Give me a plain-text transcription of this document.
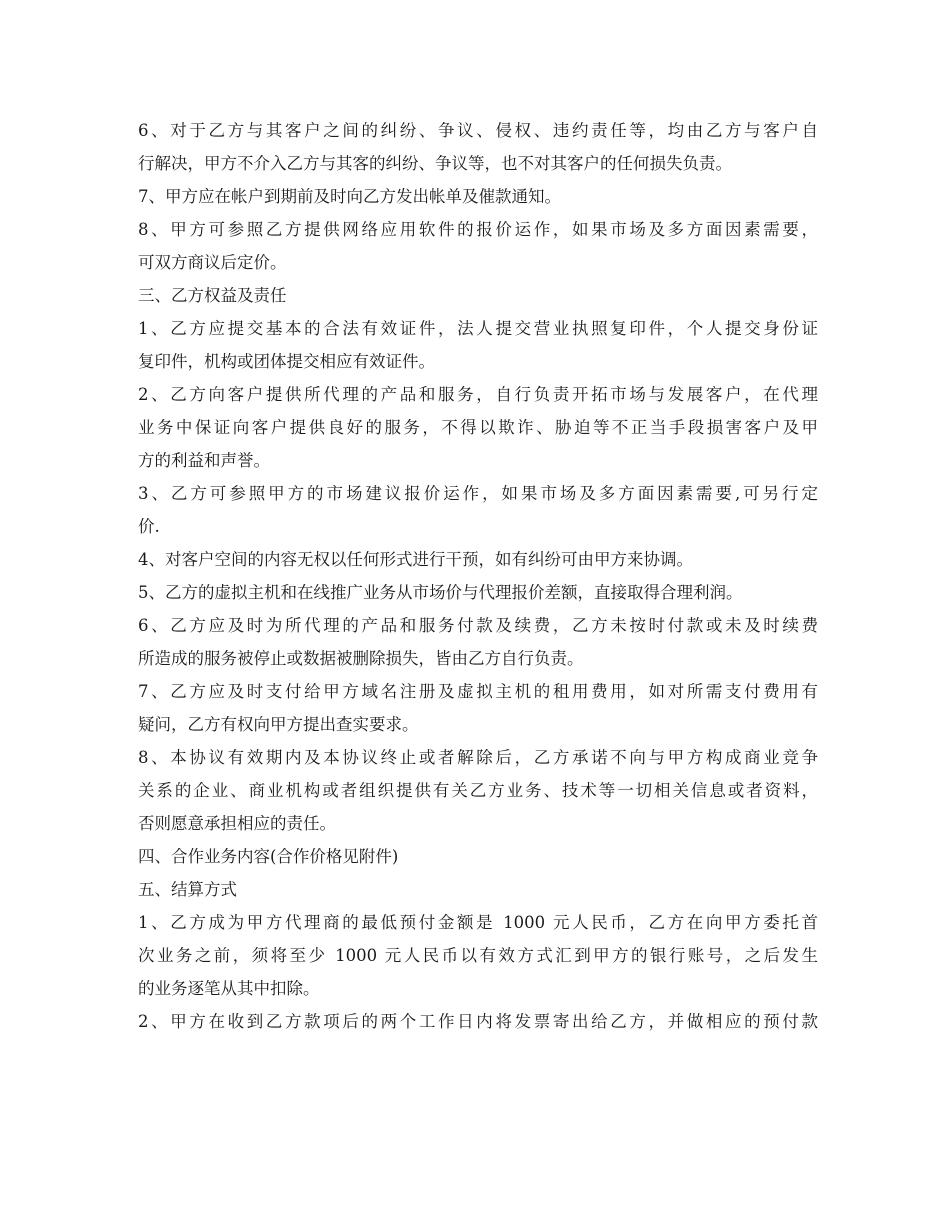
6、对于乙方与其客户之间的纠纷、争议、侵权、违约责任等，均由乙方与客户自
行解决，甲方不介入乙方与其客的纠纷、争议等，也不对其客户的任何损失负责。
7、甲方应在帐户到期前及时向乙方发出帐单及催款通知。
8、甲方可参照乙方提供网络应用软件的报价运作，如果市场及多方面因素需要，
可双方商议后定价。
三、乙方权益及责任
1、乙方应提交基本的合法有效证件，法人提交营业执照复印件，个人提交身份证
复印件，机构或团体提交相应有效证件。
2、乙方向客户提供所代理的产品和服务，自行负责开拓市场与发展客户，在代理
业务中保证向客户提供良好的服务，不得以欺诈、胁迫等不正当手段损害客户及甲
方的利益和声誉。
3、乙方可参照甲方的市场建议报价运作，如果市场及多方面因素需要,可另行定
价.
4、对客户空间的内容无权以任何形式进行干预，如有纠纷可由甲方来协调。
5、乙方的虚拟主机和在线推广业务从市场价与代理报价差额，直接取得合理利润。
6、乙方应及时为所代理的产品和服务付款及续费，乙方未按时付款或未及时续费
所造成的服务被停止或数据被删除损失，皆由乙方自行负责。
7、乙方应及时支付给甲方域名注册及虚拟主机的租用费用，如对所需支付费用有
疑问，乙方有权向甲方提出查实要求。
8、本协议有效期内及本协议终止或者解除后，乙方承诺不向与甲方构成商业竞争
关系的企业、商业机构或者组织提供有关乙方业务、技术等一切相关信息或者资料，
否则愿意承担相应的责任。
四、合作业务内容(合作价格见附件)
五、结算方式
1、乙方成为甲方代理商的最低预付金额是 1000 元人民币，乙方在向甲方委托首
次业务之前，须将至少 1000 元人民币以有效方式汇到甲方的银行账号，之后发生
的业务逐笔从其中扣除。
2、甲方在收到乙方款项后的两个工作日内将发票寄出给乙方，并做相应的预付款
